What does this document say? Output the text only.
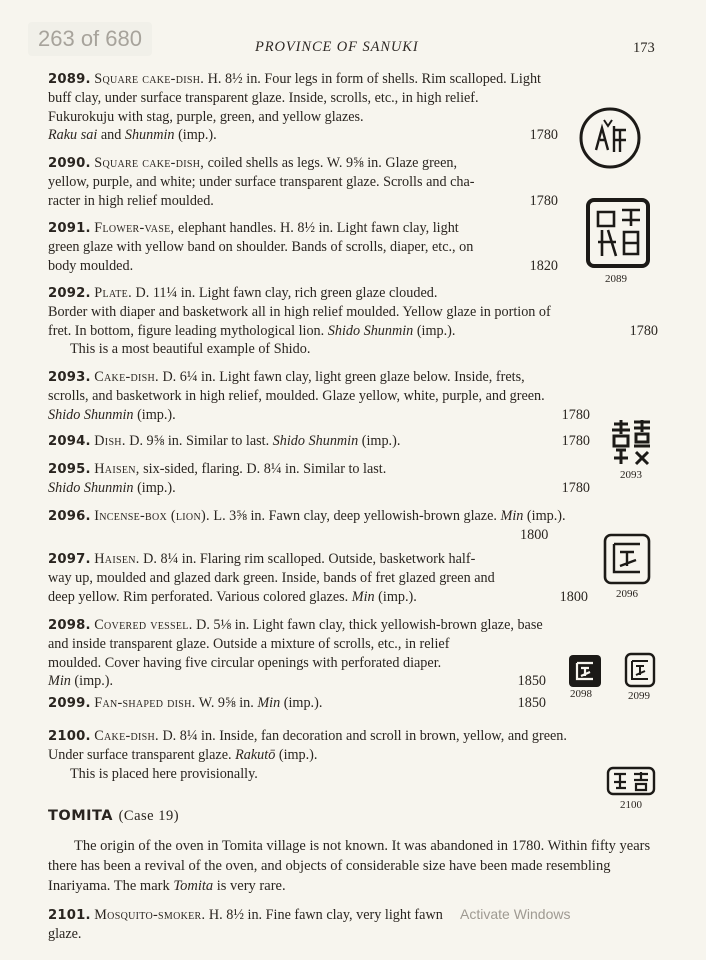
263 of 680	PROVINCE OF SANUKI	173

2089. Square cake-dish. H. 8½ in. Four legs in form of shells. Rim scalloped. Light

buff clay, under surface transparent glaze. Inside, scrolls, etc., in high relief.

Fukurokuju with stag, purple, green, and yellow glazes.

Raku sai and Shunmin (imp.).	1780

2090. Square cake-dish, coiled shells as legs. W. 9⅝ in. Glaze green,

yellow, purple, and white; under surface transparent glaze. Scrolls and cha-

racter in high relief moulded.	1780

2091. Flower-vase, elephant handles. H. 8½ in. Light fawn clay, light

green glaze with yellow band on shoulder. Bands of scrolls, diaper, etc., on

body moulded.	1820

2092. Plate. D. 11¼ in. Light fawn clay, rich green glaze clouded.

Border with diaper and basketwork all in high relief moulded. Yellow glaze in portion of

fret. In bottom, figure leading mythological lion. Shido Shunmin (imp.).	1780

This is a most beautiful example of Shido.

2093. Cake-dish. D. 6¼ in. Light fawn clay, light green glaze below. Inside, frets,

scrolls, and basketwork in high relief, moulded. Glaze yellow, white, purple, and green.

Shido Shunmin (imp.).	1780

2094. Dish. D. 9⅝ in. Similar to last. Shido Shunmin (imp.).	1780

2095. Haisen, six-sided, flaring. D. 8¼ in. Similar to last.

Shido Shunmin (imp.).	1780

2096. Incense-box (lion). L. 3⅝ in. Fawn clay, deep yellowish-brown glaze. Min (imp.).

1800

2097. Haisen. D. 8¼ in. Flaring rim scalloped. Outside, basketwork half-

way up, moulded and glazed dark green. Inside, bands of fret glazed green and

deep yellow. Rim perforated. Various colored glazes. Min (imp.).	1800

2098. Covered vessel. D. 5⅛ in. Light fawn clay, thick yellowish-brown glaze, base

and inside transparent glaze. Outside a mixture of scrolls, etc., in relief

moulded. Cover having five circular openings with perforated diaper.

Min (imp.).	1850

2099. Fan-shaped dish. W. 9⅝ in. Min (imp.).	1850

2100. Cake-dish. D. 8¼ in. Inside, fan decoration and scroll in brown, yellow, and green.

Under surface transparent glaze. Rakutō (imp.).

This is placed here provisionally.

2089
2093
2096
2098	2099
2100
TOMITA (Case 19)
The origin of the oven in Tomita village is not known. It was abandoned in 1780. Within fifty years there has been a revival of the oven, and objects of considerable size have been made resembling Inariyama. The mark Tomita is very rare.

2101. Mosquito-smoker. H. 8½ in. Fine fawn clay, very light fawn glaze.

Activate Windows
